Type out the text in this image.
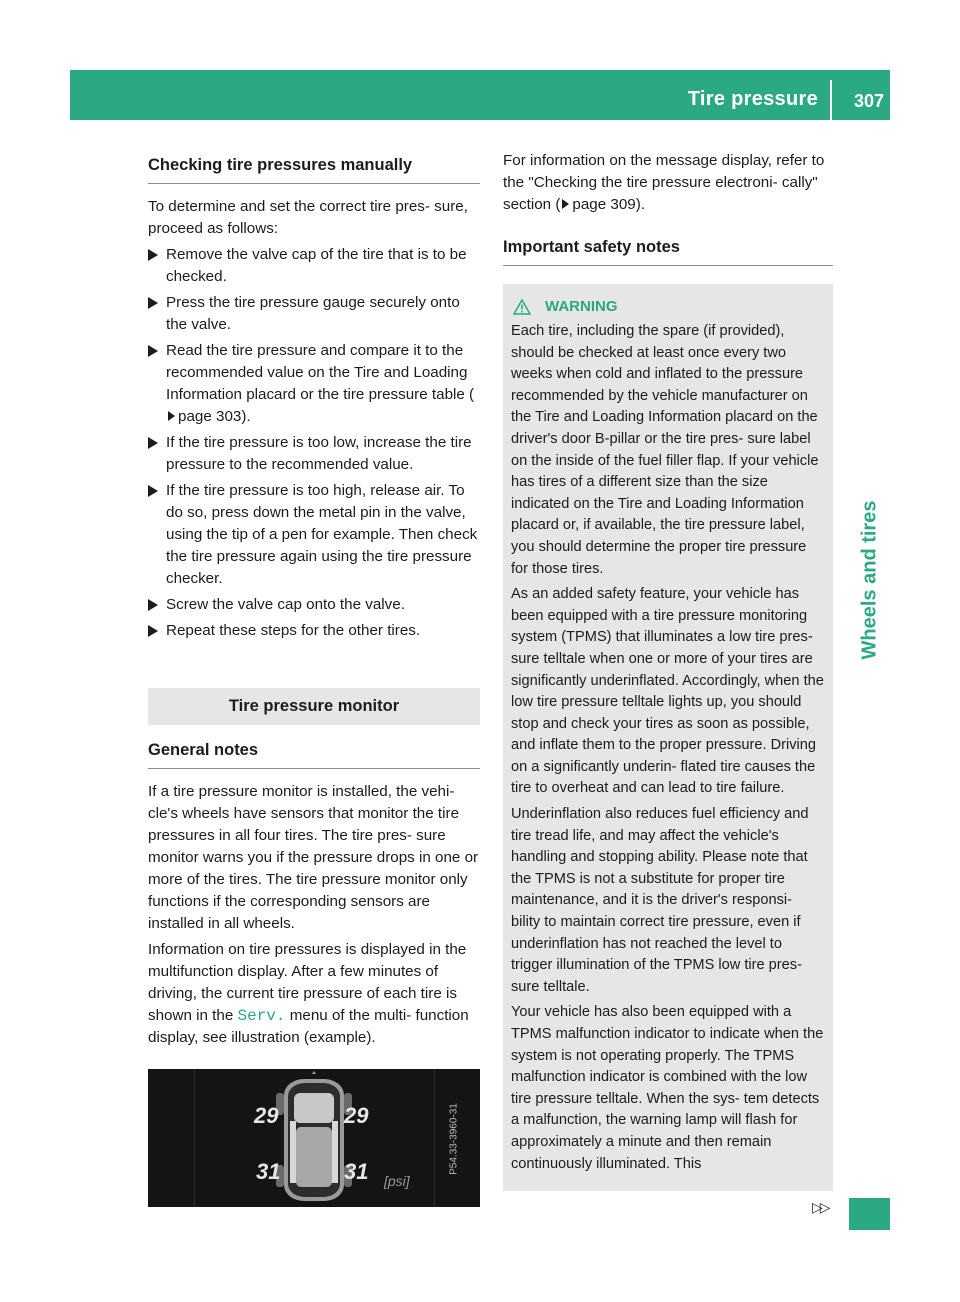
Tire pressure 307
Wheels and tires
Checking tire pressures manually

To determine and set the correct tire pres- sure, proceed as follows:

Remove the valve cap of the tire that is to be checked.
Press the tire pressure gauge securely onto the valve.
Read the tire pressure and compare it to the recommended value on the Tire and Loading Information placard or the tire pressure table (page 303).
If the tire pressure is too low, increase the tire pressure to the recommended value.
If the tire pressure is too high, release air. To do so, press down the metal pin in the valve, using the tip of a pen for example. Then check the tire pressure again using the tire pressure checker.
Screw the valve cap onto the valve.
Repeat these steps for the other tires.
Tire pressure monitor
General notes

If a tire pressure monitor is installed, the vehi- cle's wheels have sensors that monitor the tire pressures in all four tires. The tire pres- sure monitor warns you if the pressure drops in one or more of the tires. The tire pressure monitor only functions if the corresponding sensors are installed in all wheels.

Information on tire pressures is displayed in the multifunction display. After a few minutes of driving, the current tire pressure of each tire is shown in the Serv. menu of the multi- function display, see illustration (example).

29	29
31	31 [psi]
P54.33-3960-31

For information on the message display, refer to the "Checking the tire pressure electroni- cally" section ( page 309).

Important safety notes
WARNING

Each tire, including the spare (if provided), should be checked at least once every two weeks when cold and inflated to the pressure recommended by the vehicle manufacturer on the Tire and Loading Information placard on the driver's door B-pillar or the tire pres- sure label on the inside of the fuel filler flap. If your vehicle has tires of a different size than the size indicated on the Tire and Loading Information placard or, if available, the tire pressure label, you should determine the proper tire pressure for those tires.

As an added safety feature, your vehicle has been equipped with a tire pressure monitoring system (TPMS) that illuminates a low tire pres- sure telltale when one or more of your tires are significantly underinflated. Accordingly, when the low tire pressure telltale lights up, you should stop and check your tires as soon as possible, and inflate them to the proper pressure. Driving on a significantly underin- flated tire causes the tire to overheat and can lead to tire failure.

Underinflation also reduces fuel efficiency and tire tread life, and may affect the vehicle's handling and stopping ability. Please note that the TPMS is not a substitute for proper tire maintenance, and it is the driver's responsi- bility to maintain correct tire pressure, even if underinflation has not reached the level to trigger illumination of the TPMS low tire pres- sure telltale.

Your vehicle has also been equipped with a TPMS malfunction indicator to indicate when the system is not operating properly. The TPMS malfunction indicator is combined with the low tire pressure telltale. When the sys- tem detects a malfunction, the warning lamp will flash for approximately a minute and then remain continuously illuminated. This

▷▷
